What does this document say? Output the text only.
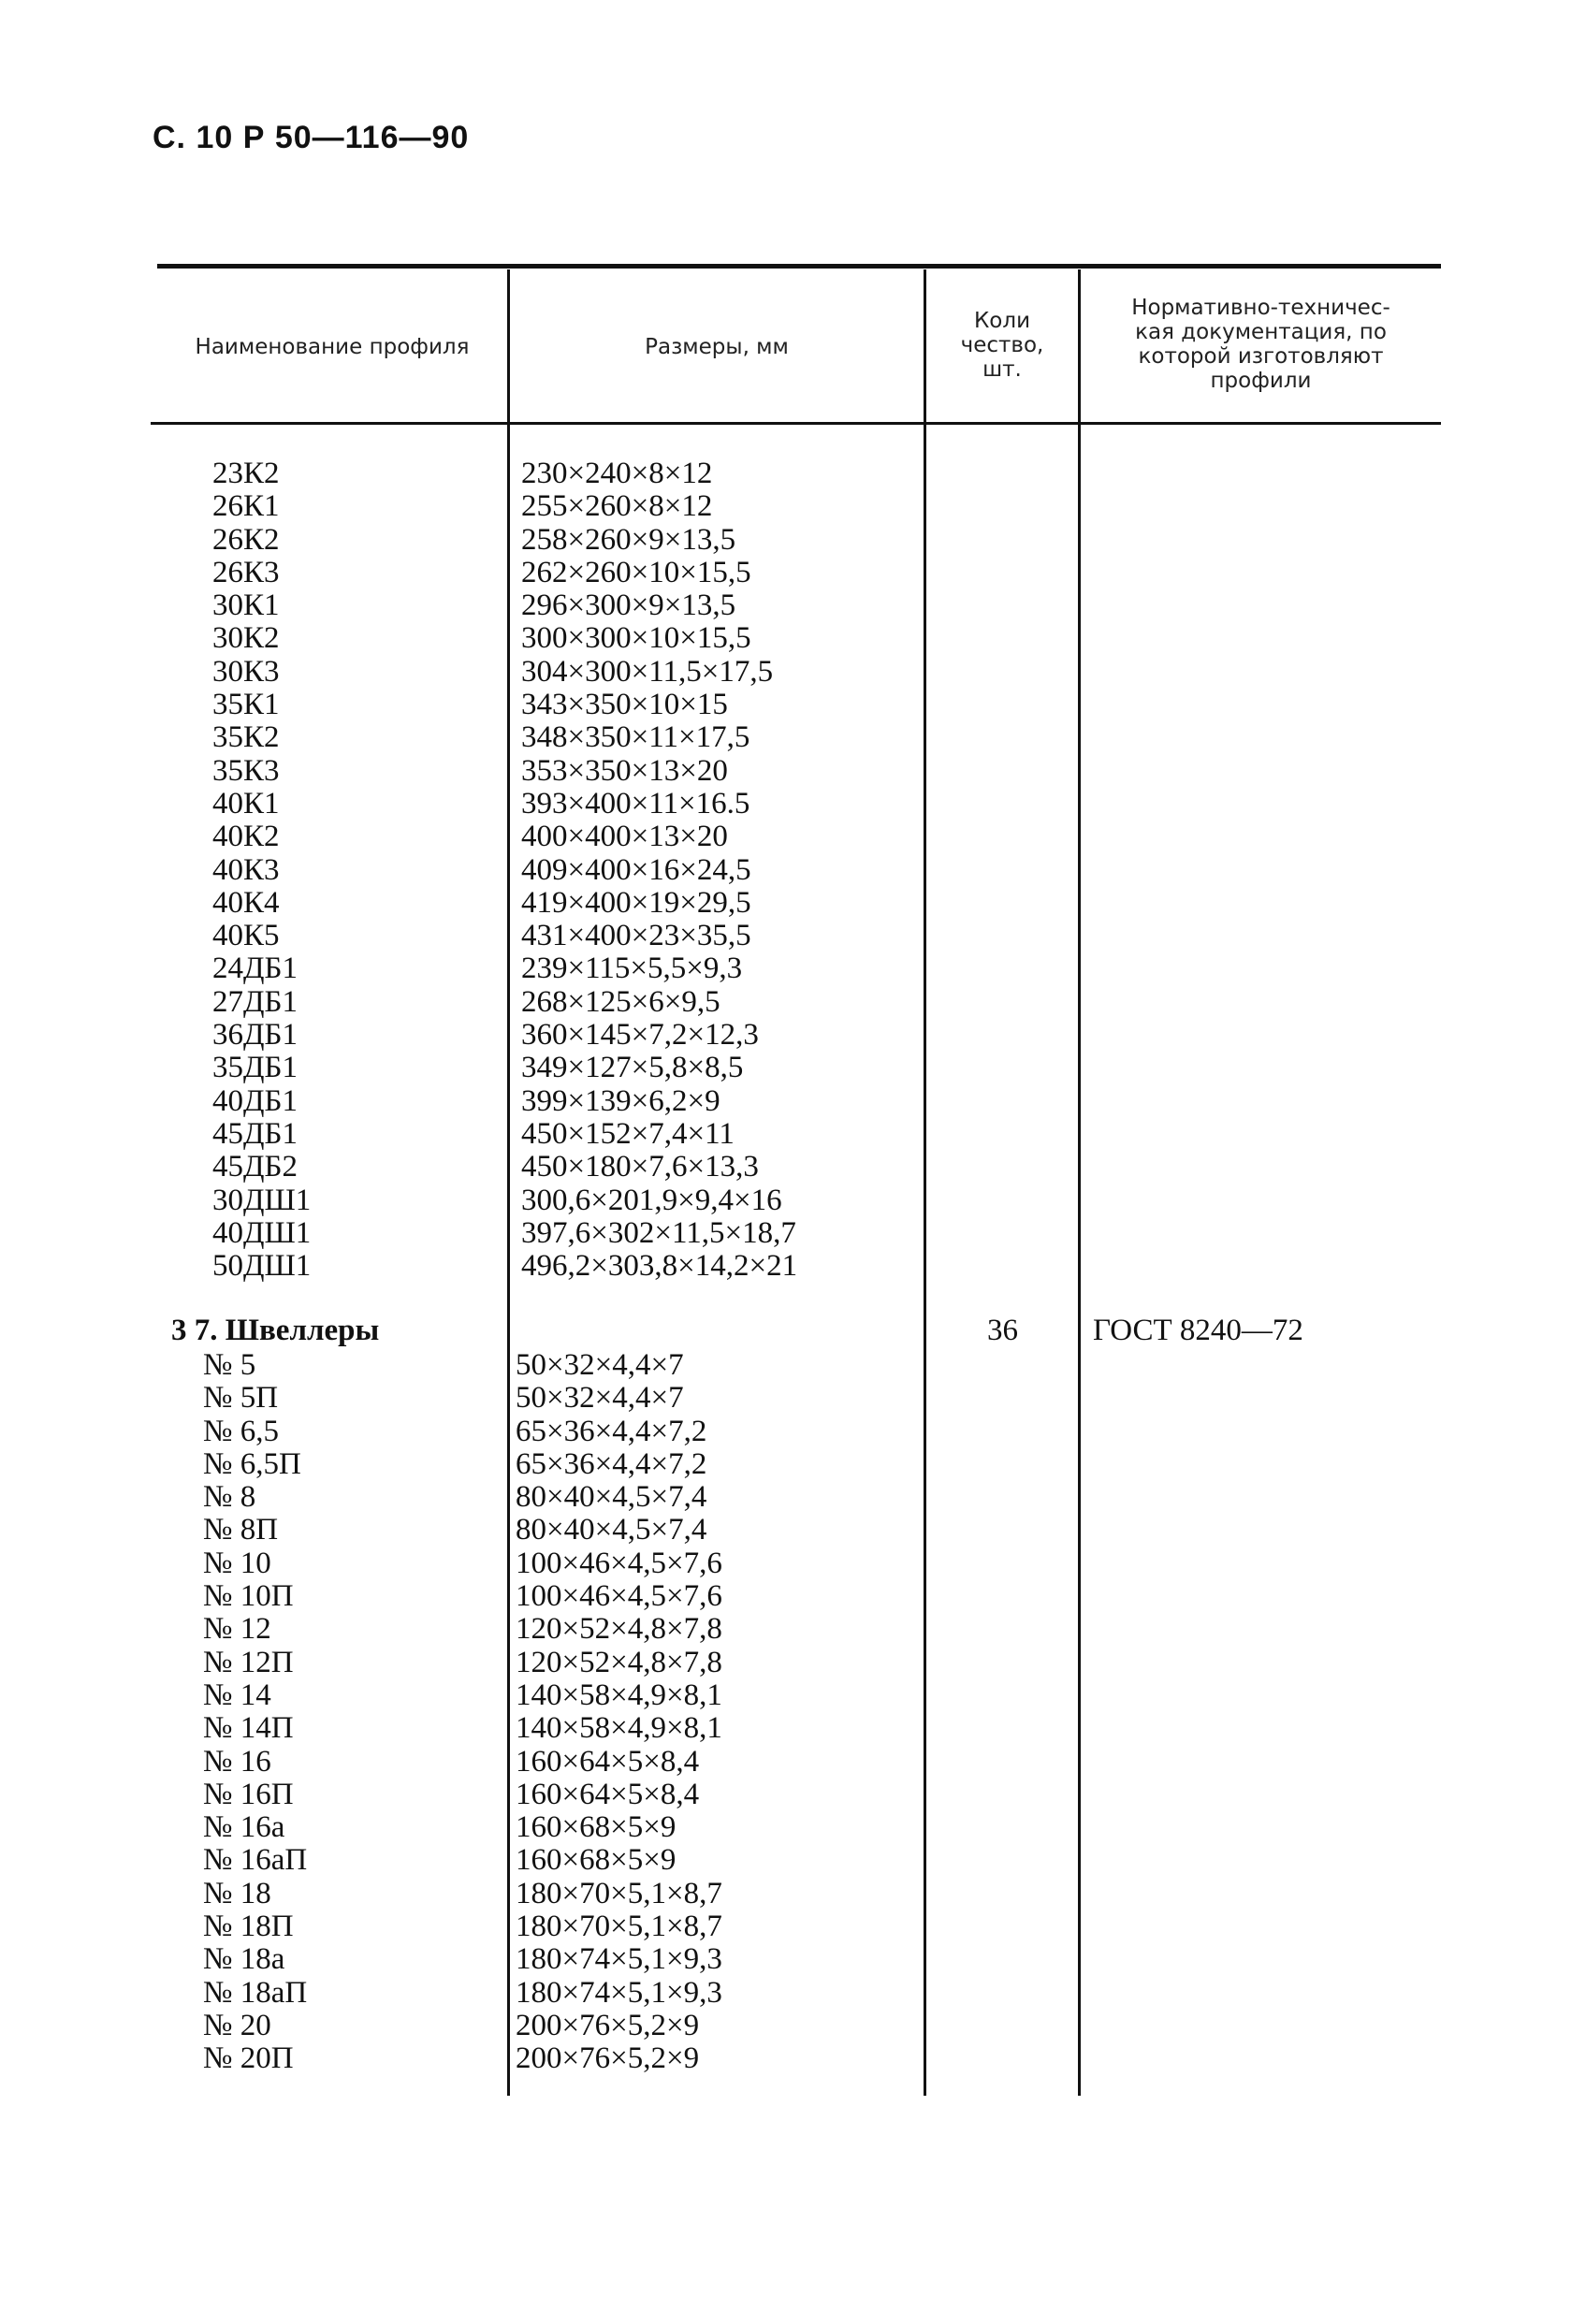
С. 10 Р 50—116—90
Наименование профиля	Размеры, мм
Коли
чество,
шт.
Нормативно-техничес-
кая документация, по
которой изготовляют
профили
23К2
26К1
26К2
26К3
30К1
30К2
30К3
35К1
35К2
35К3
40К1
40К2
40К3
40К4
40К5
24ДБ1
27ДБ1
36ДБ1
35ДБ1
40ДБ1
45ДБ1
45ДБ2
30ДШ1
40ДШ1
50ДШ1
230×240×8×12
255×260×8×12
258×260×9×13,5
262×260×10×15,5
296×300×9×13,5
300×300×10×15,5
304×300×11,5×17,5
343×350×10×15
348×350×11×17,5
353×350×13×20
393×400×11×16.5
400×400×13×20
409×400×16×24,5
419×400×19×29,5
431×400×23×35,5
239×115×5,5×9,3
268×125×6×9,5
360×145×7,2×12,3
349×127×5,8×8,5
399×139×6,2×9
450×152×7,4×11
450×180×7,6×13,3
300,6×201,9×9,4×16
397,6×302×11,5×18,7
496,2×303,8×14,2×21
3 7. Швеллеры	36 ГОСТ 8240—72
№ 5
№ 5П
№ 6,5
№ 6,5П
№ 8
№ 8П
№ 10
№ 10П
№ 12
№ 12П
№ 14
№ 14П
№ 16
№ 16П
№ 16а
№ 16аП
№ 18
№ 18П
№ 18а
№ 18аП
№ 20
№ 20П
50×32×4,4×7
50×32×4,4×7
65×36×4,4×7,2
65×36×4,4×7,2
80×40×4,5×7,4
80×40×4,5×7,4
100×46×4,5×7,6
100×46×4,5×7,6
120×52×4,8×7,8
120×52×4,8×7,8
140×58×4,9×8,1
140×58×4,9×8,1
160×64×5×8,4
160×64×5×8,4
160×68×5×9
160×68×5×9
180×70×5,1×8,7
180×70×5,1×8,7
180×74×5,1×9,3
180×74×5,1×9,3
200×76×5,2×9
200×76×5,2×9
